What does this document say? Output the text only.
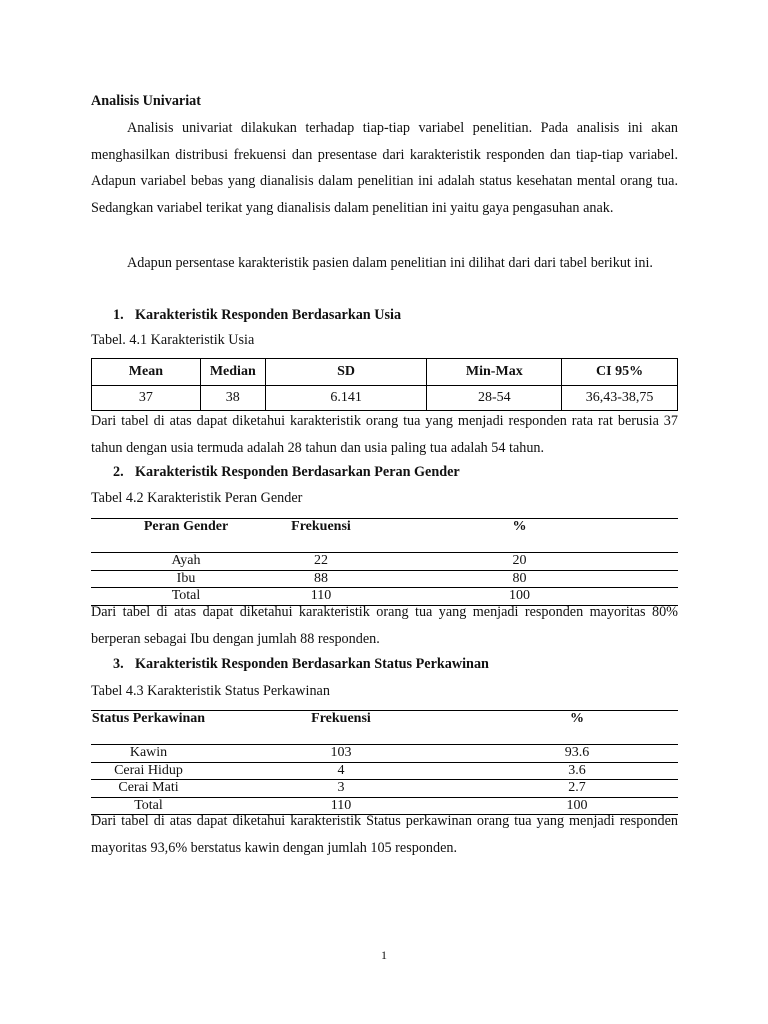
Analisis Univariat

Analisis univariat dilakukan terhadap tiap-tiap variabel penelitian. Pada analisis ini akan menghasilkan distribusi frekuensi dan presentase dari karakteristik responden dan tiap-tiap variabel. Adapun variabel bebas yang dianalisis dalam penelitian ini adalah status kesehatan mental orang tua. Sedangkan variabel terikat yang dianalisis dalam penelitian ini yaitu gaya pengasuhan anak.

Adapun persentase karakteristik pasien dalam penelitian ini dilihat dari dari tabel berikut ini.

1. Karakteristik Responden Berdasarkan Usia

Tabel. 4.1 Karakteristik Usia

Mean	Median	SD	Min-Max	CI 95%
37	38	6.141	28-54	36,43-38,75

Dari tabel di atas dapat diketahui karakteristik orang tua yang menjadi responden rata rat berusia 37 tahun dengan usia termuda adalah 28 tahun dan usia paling tua adalah 54 tahun.

2. Karakteristik Responden Berdasarkan Peran Gender

Tabel 4.2 Karakteristik Peran Gender

Peran Gender	Frekuensi	%
Ayah	22	20
Ibu	88	80
Total	110	100

Dari tabel di atas dapat diketahui karakteristik orang tua yang menjadi responden mayoritas 80% berperan sebagai Ibu dengan jumlah 88 responden.

3. Karakteristik Responden Berdasarkan Status Perkawinan

Tabel 4.3 Karakteristik Status Perkawinan

Status Perkawinan	Frekuensi	%
Kawin	103	93.6
Cerai Hidup	4	3.6
Cerai Mati	3	2.7
Total	110	100

Dari tabel di atas dapat diketahui karakteristik Status perkawinan orang tua yang menjadi responden mayoritas 93,6% berstatus kawin dengan jumlah 105 responden.

1
